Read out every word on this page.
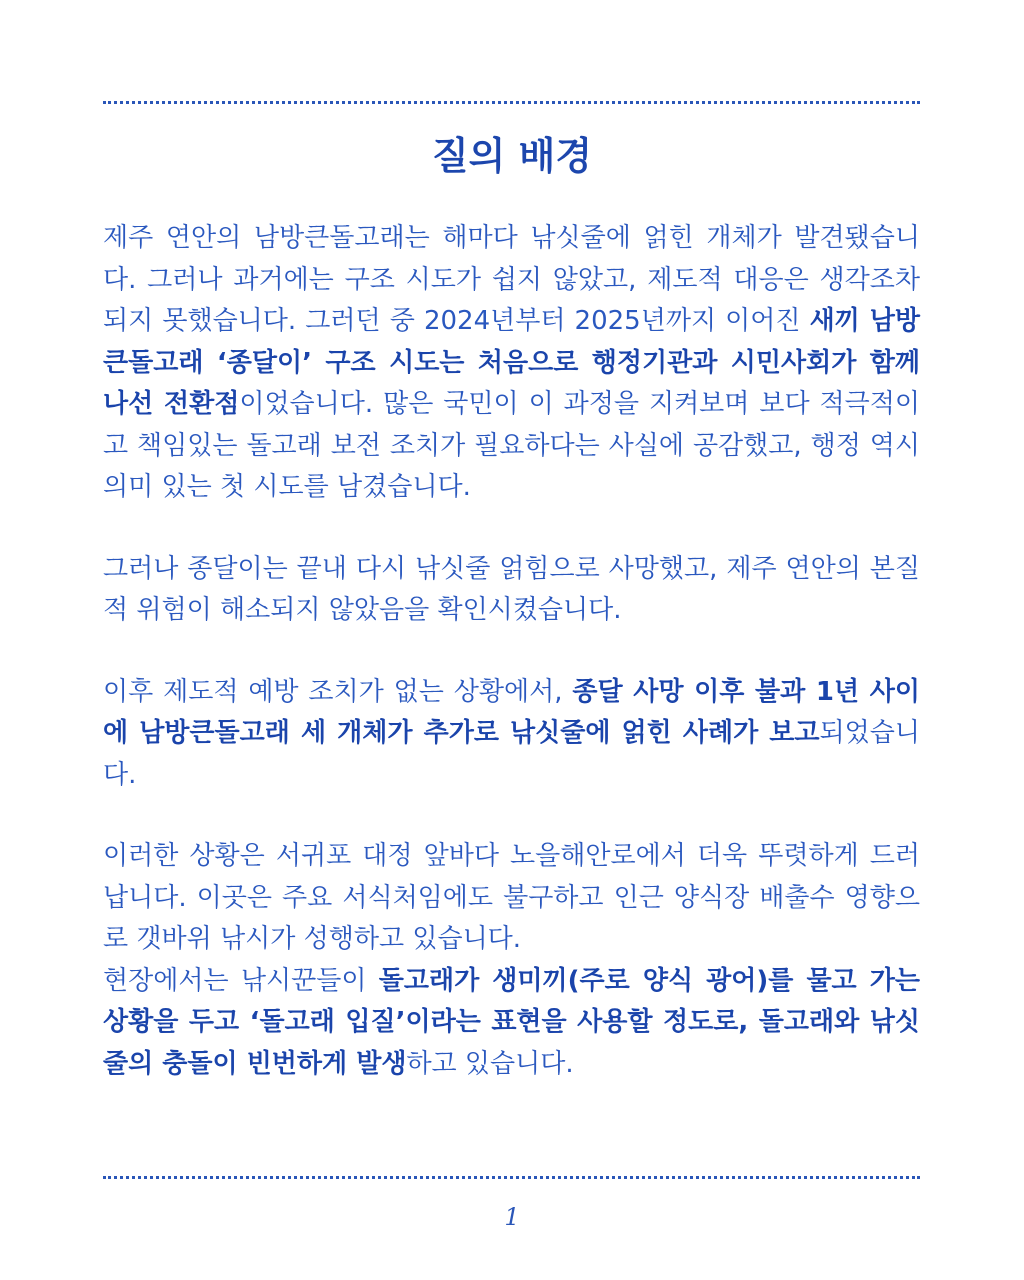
질의 배경

제주 연안의 남방큰돌고래는 해마다 낚싯줄에 얽힌 개체가 발견됐습니다. 그러나 과거에는 구조 시도가 쉽지 않았고, 제도적 대응은 생각조차 되지 못했습니다. 그러던 중 2024년부터 2025년까지 이어진 새끼 남방큰돌고래 ‘종달이’ 구조 시도는 처음으로 행정기관과 시민사회가 함께 나선 전환점이었습니다. 많은 국민이 이 과정을 지켜보며 보다 적극적이고 책임있는 돌고래 보전 조치가 필요하다는 사실에 공감했고, 행정 역시 의미 있는 첫 시도를 남겼습니다.

그러나 종달이는 끝내 다시 낚싯줄 얽힘으로 사망했고, 제주 연안의 본질적 위험이 해소되지 않았음을 확인시켰습니다.

이후 제도적 예방 조치가 없는 상황에서, 종달 사망 이후 불과 1년 사이에 남방큰돌고래 세 개체가 추가로 낚싯줄에 얽힌 사례가 보고되었습니다.

이러한 상황은 서귀포 대정 앞바다 노을해안로에서 더욱 뚜렷하게 드러납니다. 이곳은 주요 서식처임에도 불구하고 인근 양식장 배출수 영향으로 갯바위 낚시가 성행하고 있습니다.

현장에서는 낚시꾼들이 돌고래가 생미끼(주로 양식 광어)를 물고 가는 상황을 두고 ‘돌고래 입질’이라는 표현을 사용할 정도로, 돌고래와 낚싯줄의 충돌이 빈번하게 발생하고 있습니다.

1
